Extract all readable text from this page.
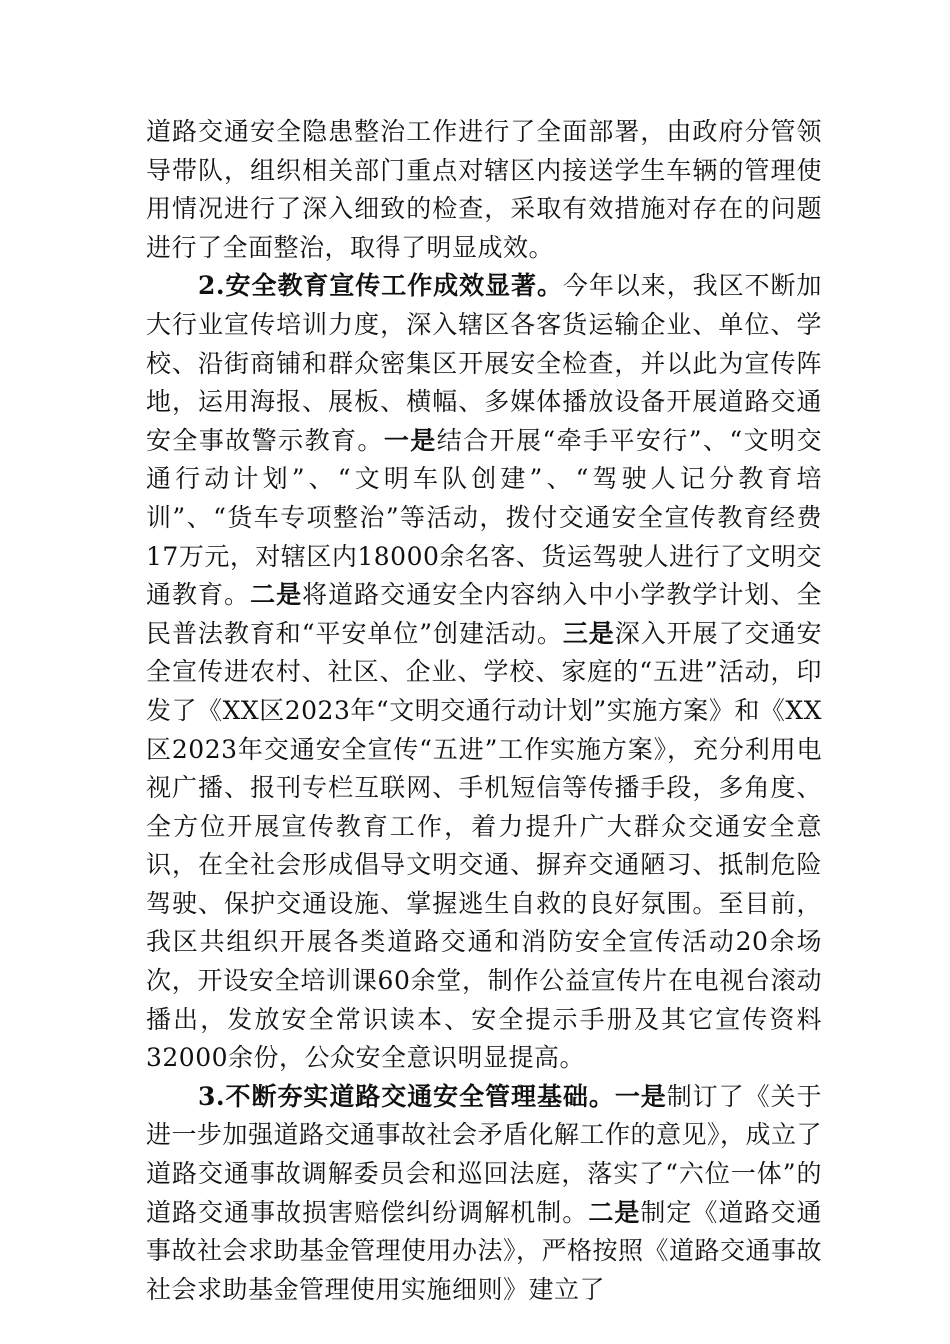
道路交通安全隐患整治工作进行了全面部署，由政府分管领导带队，组织相关部门重点对辖区内接送学生车辆的管理使用情况进行了深入细致的检查，采取有效措施对存在的问题进行了全面整治，取得了明显成效。

2.安全教育宣传工作成效显著。今年以来，我区不断加大行业宣传培训力度，深入辖区各客货运输企业、单位、学校、沿街商铺和群众密集区开展安全检查，并以此为宣传阵地，运用海报、展板、横幅、多媒体播放设备开展道路交通安全事故警示教育。一是结合开展“牵手平安行”、“文明交通行动计划”、“文明车队创建”、“驾驶人记分教育培训”、“货车专项整治”等活动，拨付交通安全宣传教育经费17万元，对辖区内18000余名客、货运驾驶人进行了文明交通教育。二是将道路交通安全内容纳入中小学教学计划、全民普法教育和“平安单位”创建活动。三是深入开展了交通安全宣传进农村、社区、企业、学校、家庭的“五进”活动，印发了《XX区2023年“文明交通行动计划”实施方案》和《XX区2023年交通安全宣传“五进”工作实施方案》，充分利用电视广播、报刊专栏互联网、手机短信等传播手段，多角度、全方位开展宣传教育工作，着力提升广大群众交通安全意识，在全社会形成倡导文明交通、摒弃交通陋习、抵制危险驾驶、保护交通设施、掌握逃生自救的良好氛围。至目前，我区共组织开展各类道路交通和消防安全宣传活动20余场次，开设安全培训课60余堂，制作公益宣传片在电视台滚动播出，发放安全常识读本、安全提示手册及其它宣传资料32000余份，公众安全意识明显提高。

3.不断夯实道路交通安全管理基础。一是制订了《关于进一步加强道路交通事故社会矛盾化解工作的意见》，成立了道路交通事故调解委员会和巡回法庭，落实了“六位一体”的道路交通事故损害赔偿纠纷调解机制。二是制定《道路交通事故社会求助基金管理使用办法》，严格按照《道路交通事故社会求助基金管理使用实施细则》建立了
